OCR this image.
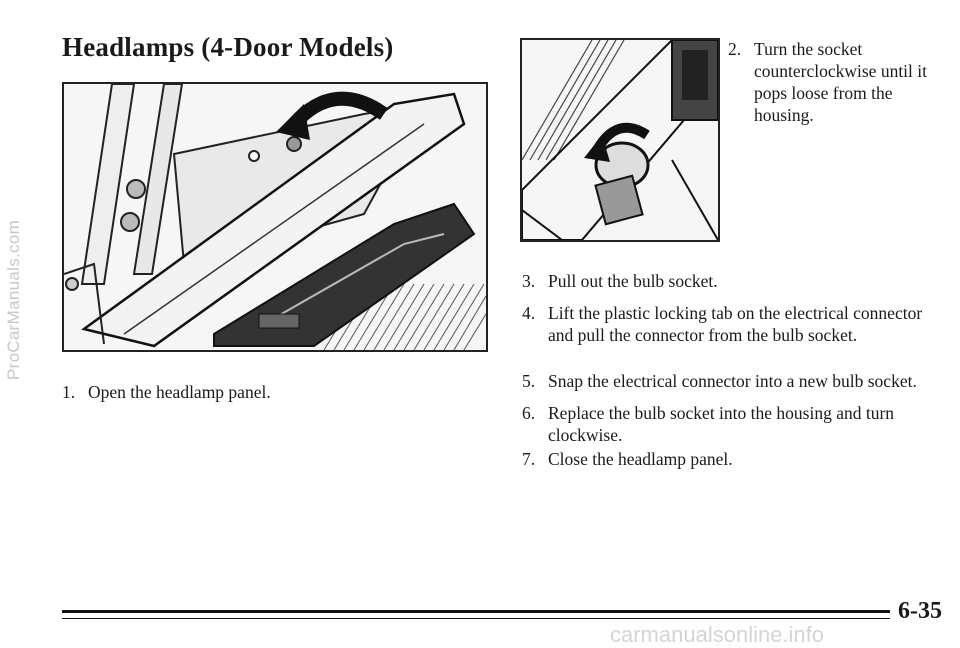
ProCarManuals.com
Headlamps (4-Door Models)
1. Open the headlamp panel.
2. Turn the socket counterclockwise until it pops loose from the housing.
3. Pull out the bulb socket.
4. Lift the plastic locking tab on the electrical connector and pull the connector from the bulb socket.
5. Snap the electrical connector into a new bulb socket.
6. Replace the bulb socket into the housing and turn clockwise.
7. Close the headlamp panel.
6-35
carmanualsonline.info
